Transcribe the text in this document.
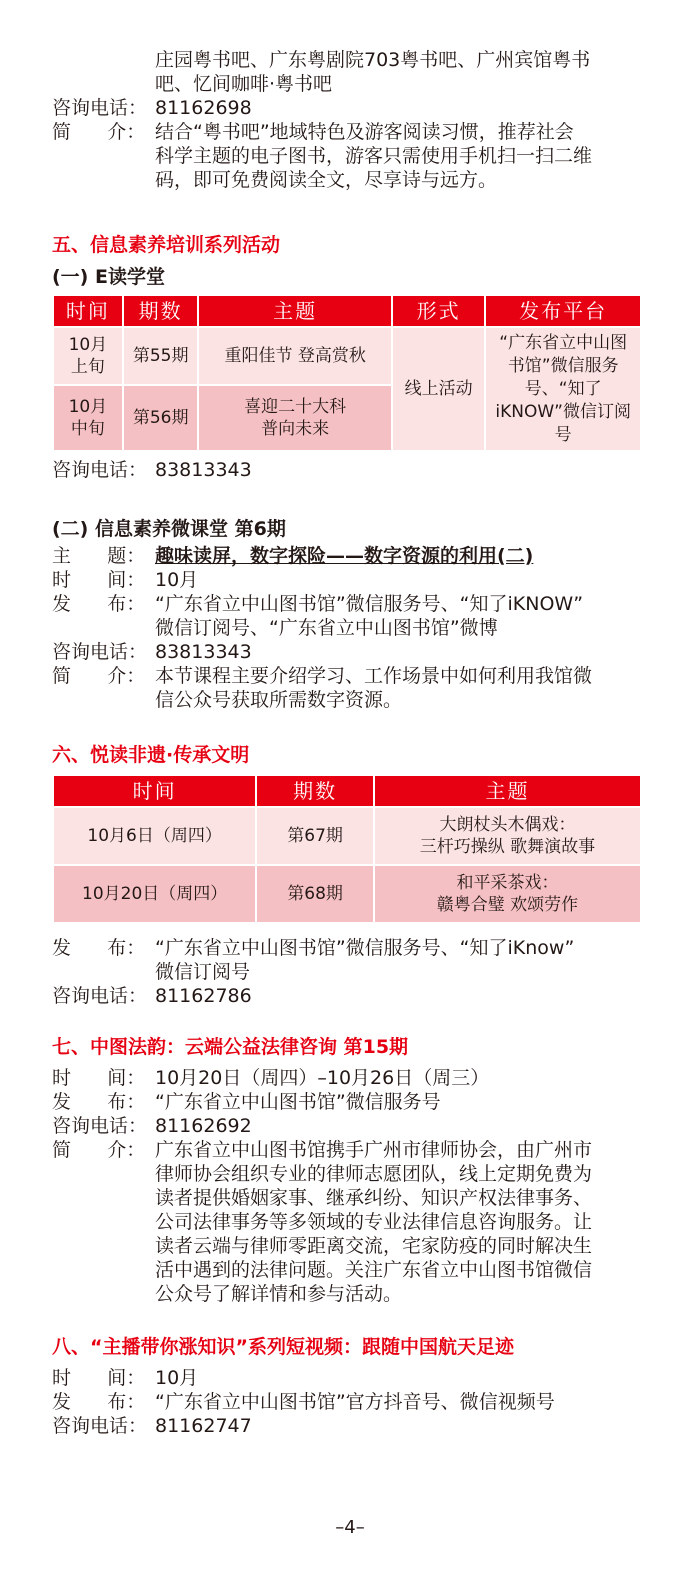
庄园粤书吧、广东粤剧院703粤书吧、广州宾馆粤书
吧、忆间咖啡·粤书吧
咨询电话： 81162698
简      介： 结合“粤书吧”地域特色及游客阅读习惯，推荐社会
科学主题的电子图书，游客只需使用手机扫一扫二维
码，即可免费阅读全文，尽享诗与远方。
五、信息素养培训系列活动
(一) E读学堂
时间	期数	主题	形式	发布平台
10月上旬	第55期	重阳佳节 登高赏秋	线上活动	“广东省立中山图书馆”微信服务号、“知了iKNOW”微信订阅号
10月中旬	第56期	喜迎二十大科普向未来		
咨询电话： 83813343
(二) 信息素养微课堂 第6期
主      题： 趣味读屏，数字探险——数字资源的利用(二)
时      间： 10月
发      布： “广东省立中山图书馆”微信服务号、“知了iKNOW”
微信订阅号、“广东省立中山图书馆”微博
咨询电话： 83813343
简      介： 本节课程主要介绍学习、工作场景中如何利用我馆微
信公众号获取所需数字资源。
六、悦读非遗·传承文明
时间	期数	主题
10月6日（周四）	第67期	大朗杖头木偶戏：
三杆巧操纵 歌舞演故事

10月20日（周四）	第68期	和平采茶戏：
赣粤合璧 欢颂劳作
发      布： “广东省立中山图书馆”微信服务号、“知了iKnow”
微信订阅号
咨询电话： 81162786
七、中图法韵：云端公益法律咨询 第15期
时      间： 10月20日（周四）–10月26日（周三）
发      布： “广东省立中山图书馆”微信服务号
咨询电话： 81162692
简      介： 广东省立中山图书馆携手广州市律师协会，由广州市
律师协会组织专业的律师志愿团队，线上定期免费为
读者提供婚姻家事、继承纠纷、知识产权法律事务、
公司法律事务等多领域的专业法律信息咨询服务。让
读者云端与律师零距离交流，宅家防疫的同时解决生
活中遇到的法律问题。关注广东省立中山图书馆微信
公众号了解详情和参与活动。
八、“主播带你涨知识”系列短视频：跟随中国航天足迹
时      间： 10月
发      布： “广东省立中山图书馆”官方抖音号、微信视频号
咨询电话： 81162747
–4–
